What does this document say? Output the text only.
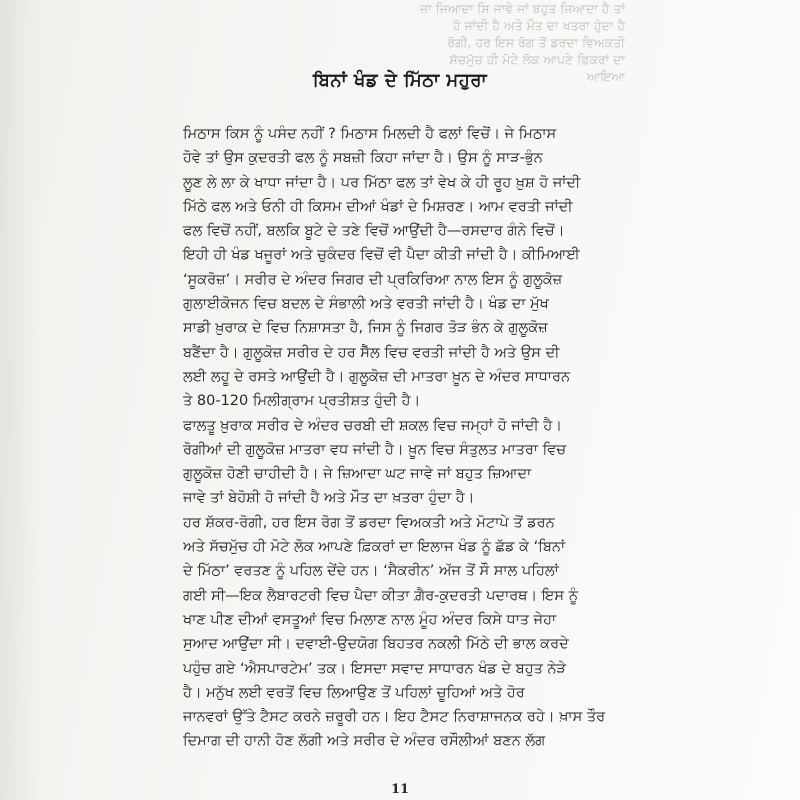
ਜਾ ਜਿਆਦਾ ਸਿ ਜਾਵੇ ਜਾਂ ਬਹੁਤ ਜਿਆਦਾ ਹੈ ਤਾਂ
ਹੋ ਜਾਂਦੀ ਹੈ ਅਤੇ ਮੌਤ ਦਾ ਖਤਰਾ ਹੁੰਦਾ ਹੈ
ਰੋਗੀ, ਹਰ ਇਸ ਰੋਗ ਤੋਂ ਡਰਦਾ ਵਿਅਕਤੀ
ਸੱਚਮੁੱਚ ਹੀ ਮੋਟੇ ਲੋਕ ਆਪਣੇ ਫ਼ਿਕਰਾਂ ਦਾ
ਆਇਆ
ਬਿਨਾਂ ਖੰਡ ਦੇ ਮਿੱਠਾ ਮਹੁਰਾ
ਮਿਠਾਸ ਕਿਸ ਨੂੰ ਪਸੰਦ ਨਹੀਂ ? ਮਿਠਾਸ ਮਿਲਦੀ ਹੈ ਫਲਾਂ ਵਿਚੋਂ। ਜੇ ਮਿਠਾਸ
ਹੋਵੇ ਤਾਂ ਉਸ ਕੁਦਰਤੀ ਫਲ ਨੂੰ ਸਬਜ਼ੀ ਕਿਹਾ ਜਾਂਦਾ ਹੈ। ਉਸ ਨੂੰ ਸਾੜ-ਭੁੰਨ
ਲੂਣ ਲੇ ਲਾ ਕੇ ਖਾਧਾ ਜਾਂਦਾ ਹੈ। ਪਰ ਮਿੱਠਾ ਫਲ ਤਾਂ ਵੇਖ ਕੇ ਹੀ ਰੂਹ ਖ਼ੁਸ਼ ਹੋ ਜਾਂਦੀ
ਮਿੱਠੇ ਫਲ ਅਤੇ ਓਨੀ ਹੀ ਕਿਸਮ ਦੀਆਂ ਖੰਡਾਂ ਦੇ ਮਿਸ਼ਰਣ। ਆਮ ਵਰਤੀ ਜਾਂਦੀ
ਫਲ ਵਿਚੋਂ ਨਹੀਂ, ਬਲਕਿ ਬੂਟੇ ਦੇ ਤਣੇ ਵਿਚੋਂ ਆਉਂਦੀ ਹੈ—ਰਸਦਾਰ ਗੰਨੇ ਵਿਚੋਂ।
ਇਹੀ ਹੀ ਖੰਡ ਖਜੂਰਾਂ ਅਤੇ ਚੁਕੰਦਰ ਵਿਚੋਂ ਵੀ ਪੈਦਾ ਕੀਤੀ ਜਾਂਦੀ ਹੈ। ਕੀਮਿਆਈ
‘ਸੂਕਰੋਜ਼’। ਸਰੀਰ ਦੇ ਅੰਦਰ ਜਿਗਰ ਦੀ ਪ੍ਰਕਿਰਿਆ ਨਾਲ ਇਸ ਨੂੰ ਗੁਲੂਕੋਜ਼
ਗੁਲਾਈਕੋਜਨ ਵਿਚ ਬਦਲ ਦੇ ਸੰਭਾਲੀ ਅਤੇ ਵਰਤੀ ਜਾਂਦੀ ਹੈ। ਖੰਡ ਦਾ ਮੁੱਖ
ਸਾਡੀ ਖ਼ੁਰਾਕ ਦੇ ਵਿਚ ਨਿਸ਼ਾਸਤਾ ਹੈ, ਜਿਸ ਨੂੰ ਜਿਗਰ ਤੋੜ ਭੰਨ ਕੇ ਗੁਲੂਕੋਜ਼
ਬਣੈਂਦਾ ਹੈ। ਗੁਲੂਕੋਜ਼ ਸਰੀਰ ਦੇ ਹਰ ਸੈੱਲ ਵਿਚ ਵਰਤੀ ਜਾਂਦੀ ਹੈ ਅਤੇ ਉਸ ਦੀ
ਲਈ ਲਹੂ ਦੇ ਰਸਤੇ ਆਉਂਦੀ ਹੈ। ਗੁਲੂਕੋਜ਼ ਦੀ ਮਾਤਰਾ ਖ਼ੂਨ ਦੇ ਅੰਦਰ ਸਾਧਾਰਨ
ਤੇ 80-120 ਮਿਲੀਗ੍ਰਾਮ ਪ੍ਰਤੀਸ਼ਤ ਹੁੰਦੀ ਹੈ।
ਫਾਲਤੂ ਖ਼ੁਰਾਕ ਸਰੀਰ ਦੇ ਅੰਦਰ ਚਰਬੀ ਦੀ ਸ਼ਕਲ ਵਿਚ ਜਮ੍ਹਾਂ ਹੋ ਜਾਂਦੀ ਹੈ।
ਰੋਗੀਆਂ ਦੀ ਗੁਲੂਕੋਜ਼ ਮਾਤਰਾ ਵਧ ਜਾਂਦੀ ਹੈ। ਖ਼ੂਨ ਵਿਚ ਸੰਤੁਲਤ ਮਾਤਰਾ ਵਿਚ
ਗੁਲੂਕੋਜ਼ ਹੋਣੀ ਚਾਹੀਦੀ ਹੈ। ਜੇ ਜ਼ਿਆਦਾ ਘਟ ਜਾਵੇ ਜਾਂ ਬਹੁਤ ਜ਼ਿਆਦਾ
ਜਾਵੇ ਤਾਂ ਬੇਹੋਸ਼ੀ ਹੋ ਜਾਂਦੀ ਹੈ ਅਤੇ ਮੌਤ ਦਾ ਖ਼ਤਰਾ ਹੁੰਦਾ ਹੈ।
ਹਰ ਸ਼ੱਕਰ-ਰੋਗੀ, ਹਰ ਇਸ ਰੋਗ ਤੋਂ ਡਰਦਾ ਵਿਅਕਤੀ ਅਤੇ ਮੋਟਾਪੇ ਤੋਂ ਡਰਨ
ਅਤੇ ਸੱਚਮੁੱਚ ਹੀ ਮੋਟੇ ਲੋਕ ਆਪਣੇ ਫ਼ਿਕਰਾਂ ਦਾ ਇਲਾਜ ਖੰਡ ਨੂੰ ਛੱਡ ਕੇ ‘ਬਿਨਾਂ
ਦੇ ਮਿੱਠਾ’ ਵਰਤਣ ਨੂੰ ਪਹਿਲ ਦੇਂਦੇ ਹਨ। ‘ਸੈਕਰੀਨ’ ਅੱਜ ਤੋਂ ਸੌ ਸਾਲ ਪਹਿਲਾਂ
ਗਈ ਸੀ—ਇਕ ਲੈਬਾਰਟਰੀ ਵਿਚ ਪੈਦਾ ਕੀਤਾ ਗ਼ੈਰ-ਕੁਦਰਤੀ ਪਦਾਰਥ। ਇਸ ਨੂੰ
ਖਾਣ ਪੀਣ ਦੀਆਂ ਵਸਤੂਆਂ ਵਿਚ ਮਿਲਾਣ ਨਾਲ ਮੂੰਹ ਅੰਦਰ ਕਿਸੇ ਧਾਤ ਜੇਹਾ
ਸੁਆਦ ਆਉਂਦਾ ਸੀ। ਦਵਾਈ-ਉਦਯੋਗ ਬਿਹਤਰ ਨਕਲੀ ਮਿੱਠੇ ਦੀ ਭਾਲ ਕਰਦੇ
ਪਹੁੰਚ ਗਏ ‘ਐਸਪਾਰਟੇਮ’ ਤਕ। ਇਸਦਾ ਸਵਾਦ ਸਾਧਾਰਨ ਖੰਡ ਦੇ ਬਹੁਤ ਨੇੜੇ
ਹੈ। ਮਨੁੱਖ ਲਈ ਵਰਤੋਂ ਵਿਚ ਲਿਆਉਣ ਤੋਂ ਪਹਿਲਾਂ ਚੂਹਿਆਂ ਅਤੇ ਹੋਰ
ਜਾਨਵਰਾਂ ਉੱਤੇ ਟੈਸਟ ਕਰਨੇ ਜ਼ਰੂਰੀ ਹਨ। ਇਹ ਟੈਸਟ ਨਿਰਾਸ਼ਾਜਨਕ ਰਹੇ। ਖ਼ਾਸ ਤੌਰ
ਦਿਮਾਗ ਦੀ ਹਾਨੀ ਹੋਣ ਲੱਗੀ ਅਤੇ ਸਰੀਰ ਦੇ ਅੰਦਰ ਰਸੌਲੀਆਂ ਬਣਨ ਲੱਗ
11
